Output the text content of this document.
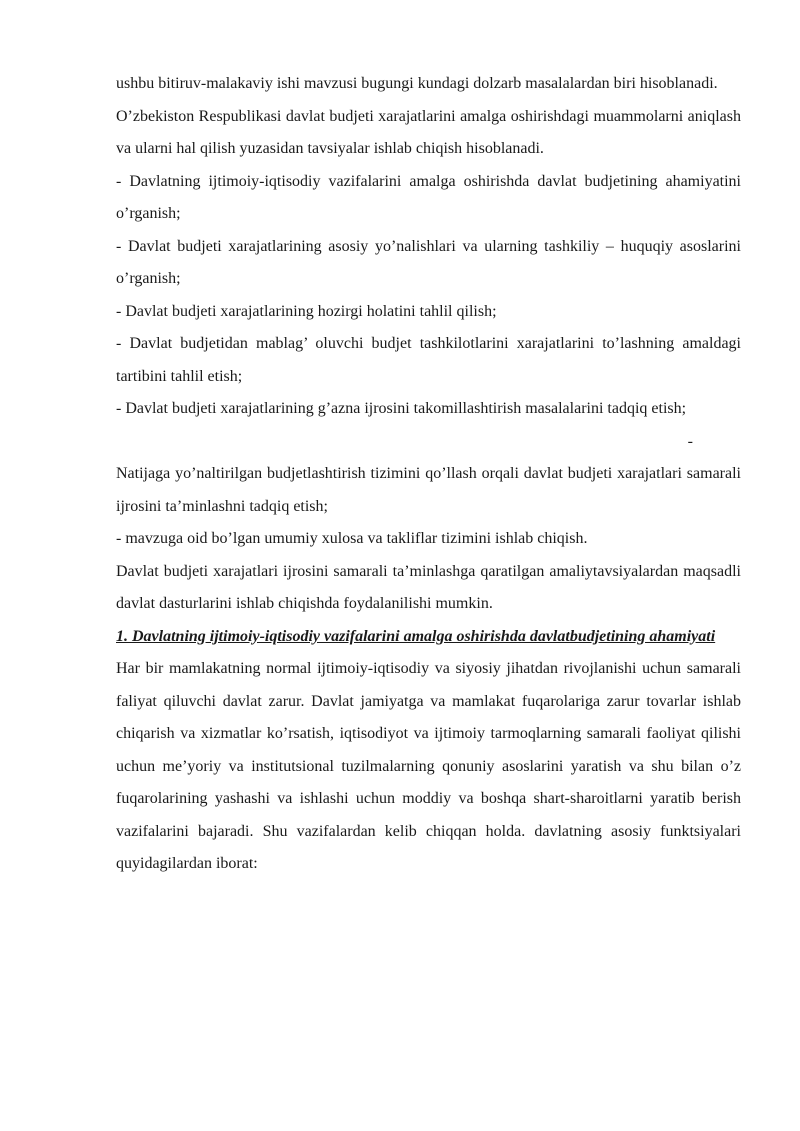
ushbu bitiruv-malakaviy ishi mavzusi bugungi kundagi dolzarb masalalardan biri hisoblanadi.

O’zbekiston Respublikasi davlat budjeti xarajatlarini amalga oshirishdagi muammolarni aniqlash va ularni hal qilish yuzasidan tavsiyalar ishlab chiqish hisoblanadi.

- Davlatning ijtimoiy-iqtisodiy vazifalarini amalga oshirishda davlat budjetining ahamiyatini o’rganish;

- Davlat budjeti xarajatlarining asosiy yo’nalishlari va ularning tashkiliy – huquqiy asoslarini o’rganish;

- Davlat budjeti xarajatlarining hozirgi holatini tahlil qilish;

- Davlat budjetidan mablag’ oluvchi budjet tashkilotlarini xarajatlarini to’lashning amaldagi tartibini tahlil etish;

- Davlat budjeti xarajatlarining g’azna ijrosini takomillashtirish masalalarini tadqiq etish;

-

Natijaga yo’naltirilgan budjetlashtirish tizimini qo’llash orqali davlat budjeti xarajatlari samarali ijrosini ta’minlashni tadqiq etish;

- mavzuga oid bo’lgan umumiy xulosa va takliflar tizimini ishlab chiqish.

Davlat budjeti xarajatlari ijrosini samarali ta’minlashga qaratilgan amaliytavsiyalardan maqsadli davlat dasturlarini ishlab chiqishda foydalanilishi mumkin.

1. Davlatning ijtimoiy-iqtisodiy vazifalarini amalga oshirishda davlatbudjetining ahamiyati

Har bir mamlakatning normal ijtimoiy-iqtisodiy va siyosiy jihatdan rivojlanishi uchun samarali faliyat qiluvchi davlat zarur. Davlat jamiyatga va mamlakat fuqarolariga zarur tovarlar ishlab chiqarish va xizmatlar ko’rsatish, iqtisodiyot va ijtimoiy tarmoqlarning samarali faoliyat qilishi uchun me’yoriy va institutsional tuzilmalarning qonuniy asoslarini yaratish va shu bilan o’z fuqarolarining yashashi va ishlashi uchun moddiy va boshqa shart-sharoitlarni yaratib berish vazifalarini bajaradi. Shu vazifalardan kelib chiqqan holda. davlatning asosiy funktsiyalari quyidagilardan iborat:
